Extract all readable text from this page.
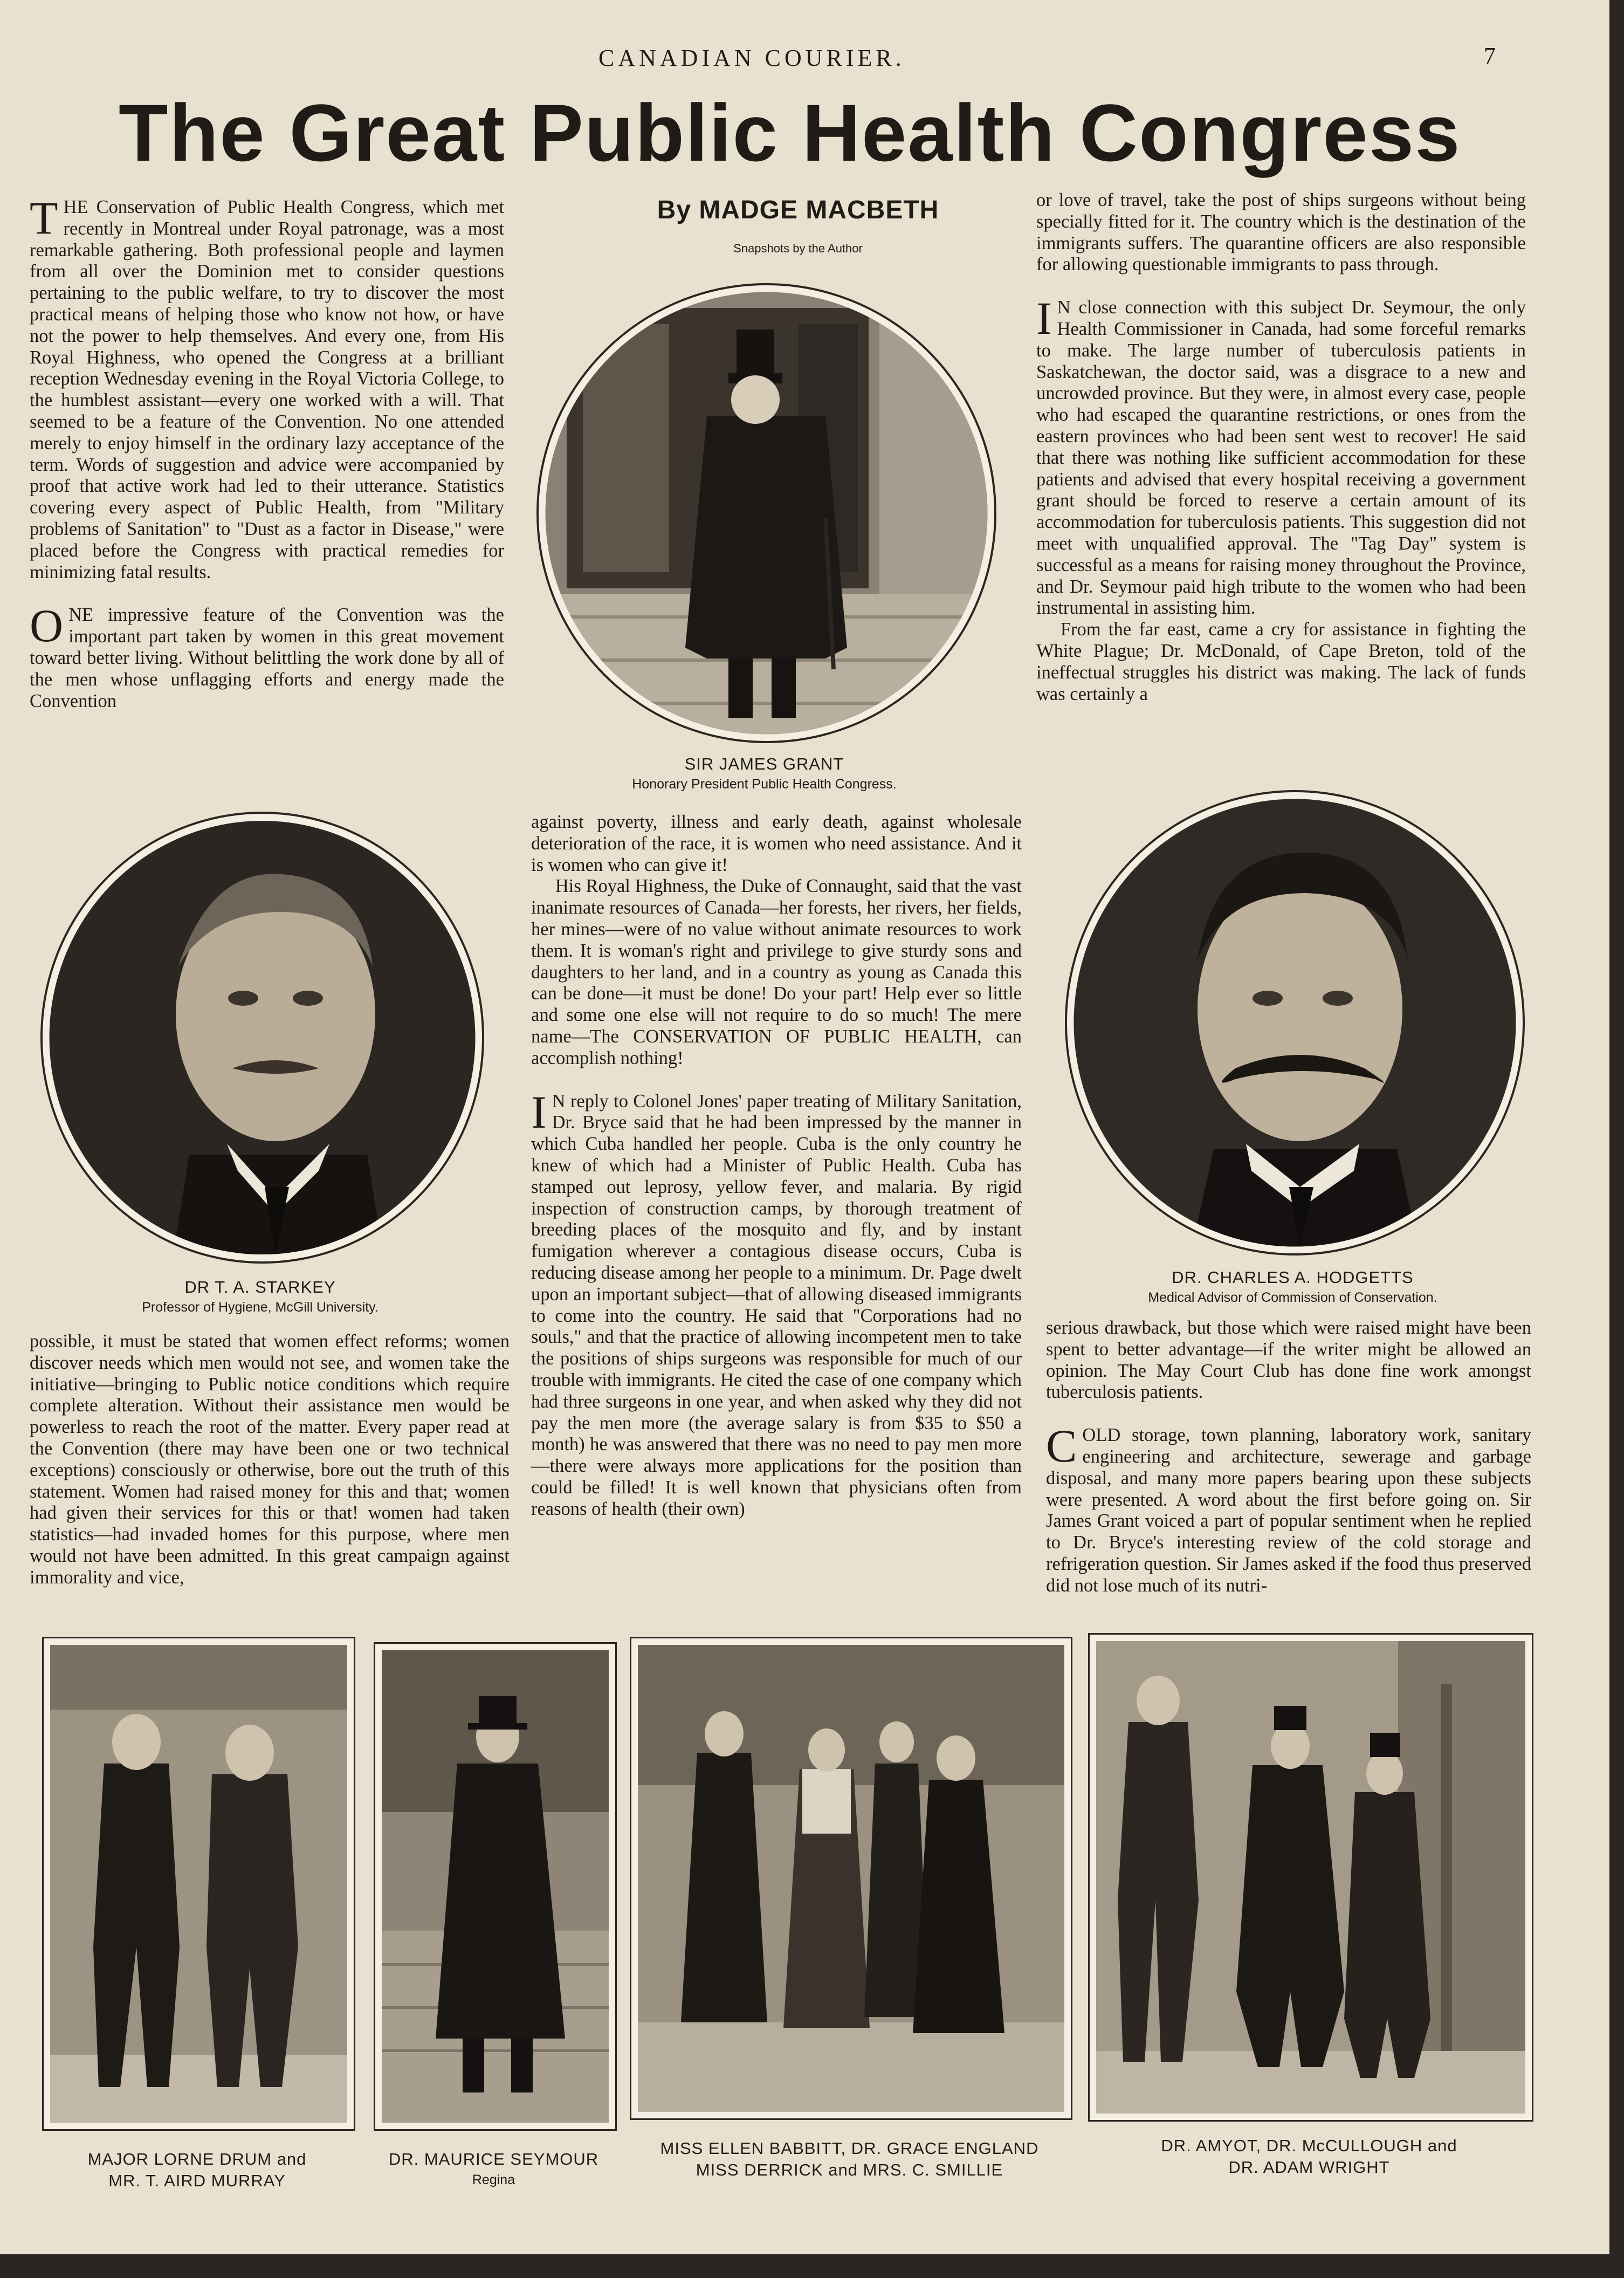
CANADIAN COURIER.	7
The Great Public Health Congress

THE Conservation of Public Health Congress, which met recently in Montreal under Royal patronage, was a most remarkable gathering. Both professional people and laymen from all over the Dominion met to consider questions pertaining to the public welfare, to try to discover the most practical means of helping those who know not how, or have not the power to help themselves. And every one, from His Royal Highness, who opened the Congress at a brilliant reception Wednesday evening in the Royal Victoria College, to the humblest assistant—every one worked with a will. That seemed to be a feature of the Convention. No one attended merely to enjoy himself in the ordinary lazy acceptance of the term. Words of suggestion and advice were accompanied by proof that active work had led to their utterance. Statistics covering every aspect of Public Health, from "Military problems of Sanitation" to "Dust as a factor in Disease," were placed before the Congress with practical remedies for minimizing fatal results.

ONE impressive feature of the Convention was the important part taken by women in this great movement toward better living. Without belittling the work done by all of the men whose unflagging efforts and energy made the Convention

By MADGE MACBETH
Snapshots by the Author
SIR JAMES GRANT
Honorary President Public Health Congress.

or love of travel, take the post of ships surgeons without being specially fitted for it. The country which is the destination of the immigrants suffers. The quarantine officers are also responsible for allowing questionable immigrants to pass through.

I N close connection with this subject Dr. Seymour, the only Health Commissioner in Canada, had some forceful remarks to make. The large number of tuberculosis patients in Saskatchewan, the doctor said, was a disgrace to a new and uncrowded province. But they were, in almost every case, people who had escaped the quarantine restrictions, or ones from the eastern provinces who had been sent west to recover! He said that there was nothing like sufficient accommodation for these patients and advised that every hospital receiving a government grant should be forced to reserve a certain amount of its accommodation for tuberculosis patients. This suggestion did not meet with unqualified approval. The "Tag Day" system is successful as a means for raising money throughout the Province, and Dr. Seymour paid high tribute to the women who had been instrumental in assisting him.

From the far east, came a cry for assistance in fighting the White Plague; Dr. McDonald, of Cape Breton, told of the ineffectual struggles his district was making. The lack of funds was certainly a

DR T. A. STARKEY
Professor of Hygiene, McGill University.

against poverty, illness and early death, against wholesale deterioration of the race, it is women who need assistance. And it is women who can give it!

His Royal Highness, the Duke of Connaught, said that the vast inanimate resources of Canada—her forests, her rivers, her fields, her mines—were of no value without animate resources to work them. It is woman's right and privilege to give sturdy sons and daughters to her land, and in a country as young as Canada this can be done—it must be done! Do your part! Help ever so little and some one else will not require to do so much! The mere name—The CONSERVATION OF PUBLIC HEALTH, can accomplish nothing!

I N reply to Colonel Jones' paper treating of Military Sanitation, Dr. Bryce said that he had been impressed by the manner in which Cuba handled her people. Cuba is the only country he knew of which had a Minister of Public Health. Cuba has stamped out leprosy, yellow fever, and malaria. By rigid inspection of construction camps, by thorough treatment of breeding places of the mosquito and fly, and by instant fumigation wherever a contagious disease occurs, Cuba is reducing disease among her people to a minimum. Dr. Page dwelt upon an important subject—that of allowing diseased immigrants to come into the country. He said that "Corporations had no souls," and that the practice of allowing incompetent men to take the positions of ships surgeons was responsible for much of our trouble with immigrants. He cited the case of one company which had three surgeons in one year, and when asked why they did not pay the men more (the average salary is from $35 to $50 a month) he was answered that there was no need to pay men more—there were always more applications for the position than could be filled! It is well known that physicians often from reasons of health (their own)

DR. CHARLES A. HODGETTS
Medical Advisor of Commission of Conservation.

possible, it must be stated that women effect reforms; women discover needs which men would not see, and women take the initiative—bringing to Public notice conditions which require complete alteration. Without their assistance men would be powerless to reach the root of the matter. Every paper read at the Convention (there may have been one or two technical exceptions) consciously or otherwise, bore out the truth of this statement. Women had raised money for this and that; women had given their services for this or that! women had taken statistics—had invaded homes for this purpose, where men would not have been admitted. In this great campaign against immorality and vice,

serious drawback, but those which were raised might have been spent to better advantage—if the writer might be allowed an opinion. The May Court Club has done fine work amongst tuberculosis patients.

COLD storage, town planning, laboratory work, sanitary engineering and architecture, sewerage and garbage disposal, and many more papers bearing upon these subjects were presented. A word about the first before going on. Sir James Grant voiced a part of popular sentiment when he replied to Dr. Bryce's interesting review of the cold storage and refrigeration question. Sir James asked if the food thus preserved did not lose much of its nutri-

MAJOR LORNE DRUM and
MR. T. AIRD MURRAY
DR. MAURICE SEYMOUR
Regina
MISS ELLEN BABBITT, DR. GRACE ENGLAND
MISS DERRICK and MRS. C. SMILLIE
DR. AMYOT, DR. McCULLOUGH and
DR. ADAM WRIGHT
